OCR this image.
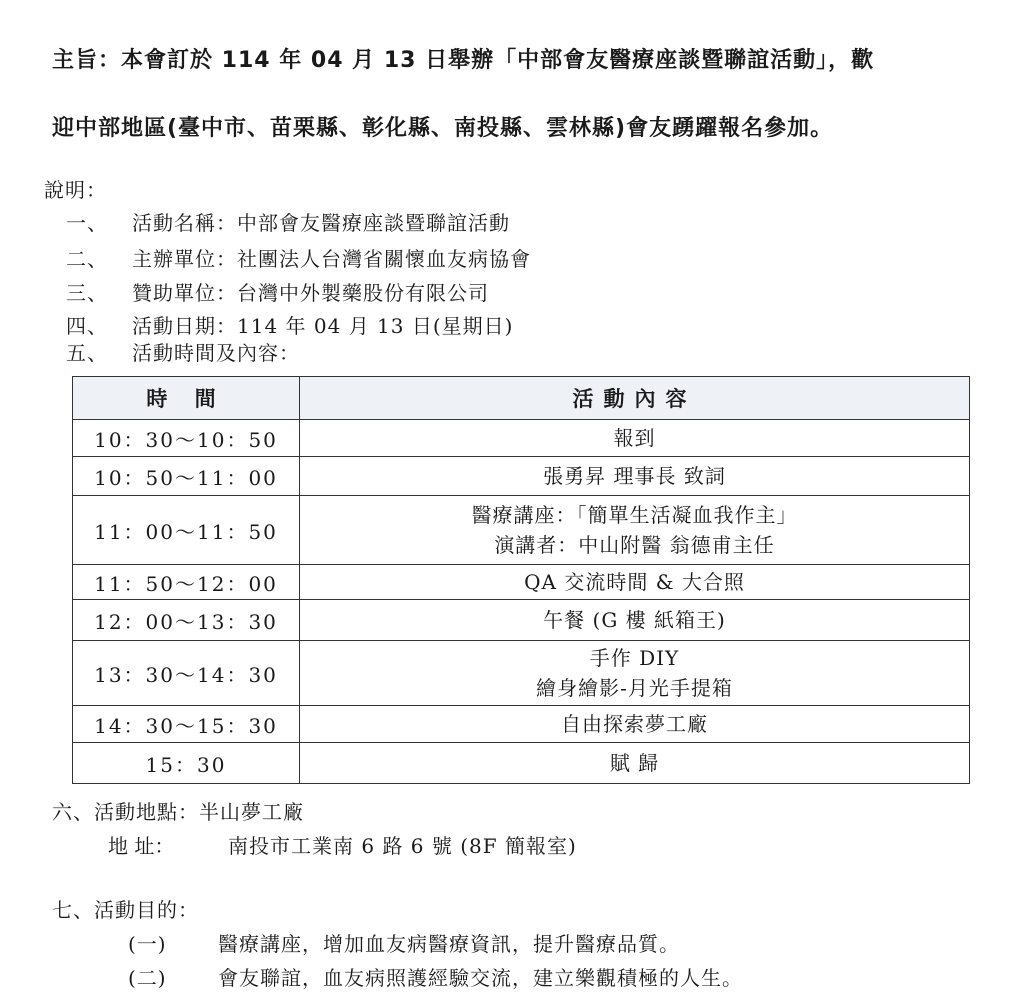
主旨：本會訂於 114 年 04 月 13 日舉辦「中部會友醫療座談暨聯誼活動」，歡
迎中部地區(臺中市、苗栗縣、彰化縣、南投縣、雲林縣)會友踴躍報名參加。
說明：
一、 活動名稱：中部會友醫療座談暨聯誼活動
二、 主辦單位：社團法人台灣省關懷血友病協會
三、 贊助單位：台灣中外製藥股份有限公司
四、 活動日期：114 年 04 月 13 日(星期日)
五、 活動時間及內容：
時 間	活動內容
10：30～10：50	報到

10：50～11：00	張勇昇 理事長 致詞

11：00～11：50	醫療講座：「簡單生活凝血我作主」
演講者：中山附醫 翁德甫主任

11：50～12：00	QA 交流時間 & 大合照

12：00～13：30	午餐 (G 樓 紙箱王)

13：30～14：30	手作 DIY
繪身繪影-月光手提箱

14：30～15：30	自由探索夢工廠

15：30	賦 歸
六、活動地點：半山夢工廠
地 址：	南投市工業南 6 路 6 號 (8F 簡報室)
七、活動目的：
(一)	醫療講座，增加血友病醫療資訊，提升醫療品質。
(二)	會友聯誼，血友病照護經驗交流，建立樂觀積極的人生。
